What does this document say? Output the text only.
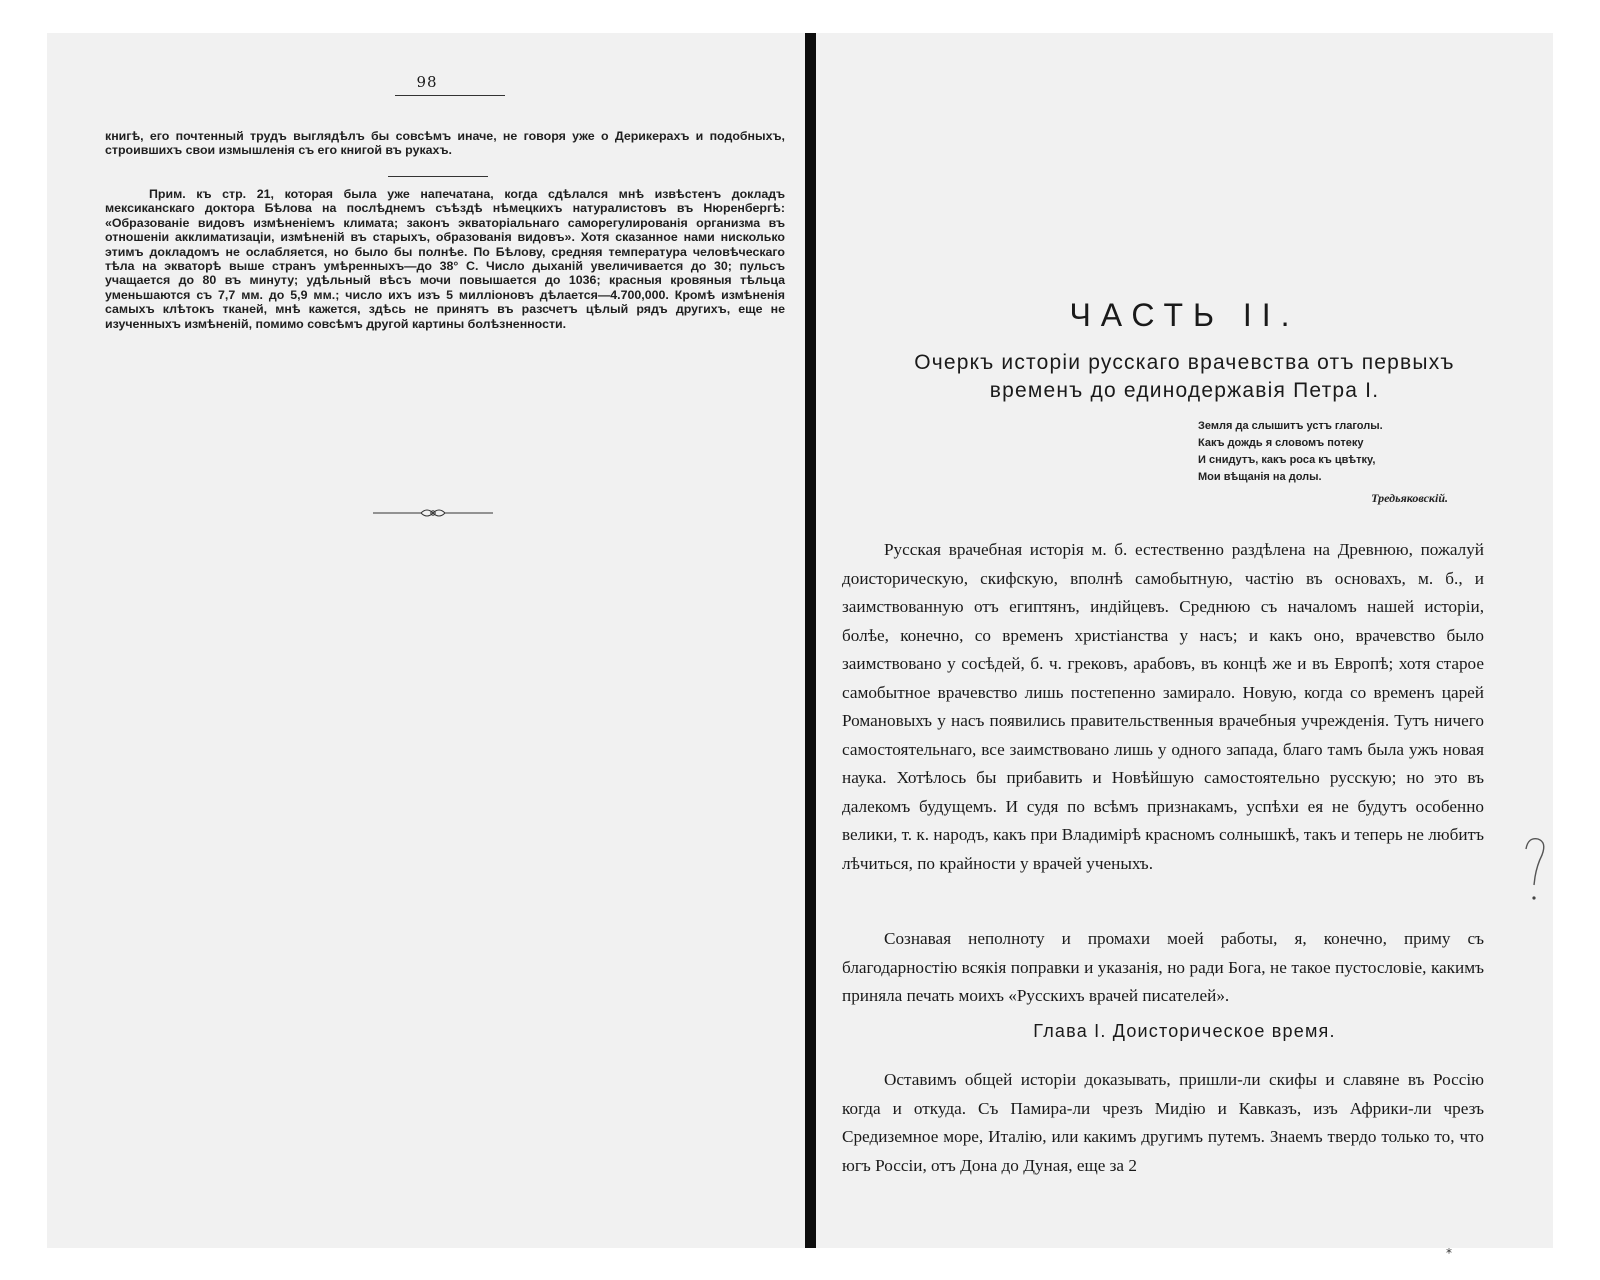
98
книгѣ, его почтенный трудъ выглядѣлъ бы совсѣмъ иначе, не говоря уже о Дерикерахъ и подобныхъ, строившихъ свои измышленія съ его книгой въ рукахъ.
Прим. къ стр. 21, которая была уже напечатана, когда сдѣлался мнѣ извѣстенъ докладъ мексиканскаго доктора Бѣлова на послѣднемъ съѣздѣ нѣмецкихъ натуралистовъ въ Нюренбергѣ: «Образованіе видовъ измѣненіемъ климата; законъ экваторіальнаго саморегулированія организма въ отношеніи акклиматизаціи, измѣненій въ старыхъ, образованія видовъ». Хотя сказанное нами нисколько этимъ докладомъ не ослабляется, но было бы полнѣе. По Бѣлову, средняя температура человѣческаго тѣла на экваторѣ выше странъ умѣренныхъ—до 38° С. Число дыханій увеличивается до 30; пульсъ учащается до 80 въ минуту; удѣльный вѣсъ мочи повышается до 1036; красныя кровяныя тѣльца уменьшаются съ 7,7 мм. до 5,9 мм.; число ихъ изъ 5 милліоновъ дѣлается—4.700,000. Кромѣ измѣненія самыхъ клѣтокъ тканей, мнѣ кажется, здѣсь не принятъ въ разсчетъ цѣлый рядъ другихъ, еще не изученныхъ измѣненій, помимо совсѣмъ другой картины болѣзненности.	ЧАСТЬ II.
Очеркъ исторіи русскаго врачевства отъ первыхъ
временъ до единодержавія Петра I.
Земля да слышитъ устъ глаголы.
Какъ дождь я словомъ потеку
И снидутъ, какъ роса къ цвѣтку,
Мои вѣщанія на долы.
Тредьяковскій.
Русская врачебная исторія м. б. естественно раздѣлена на Древнюю, пожалуй доисторическую, скифскую, вполнѣ самобытную, частію въ основахъ, м. б., и заимствованную отъ египтянъ, индійцевъ. Среднюю съ началомъ нашей исторіи, болѣе, конечно, со временъ христіанства у насъ; и какъ оно, врачевство было заимствовано у сосѣдей, б. ч. грековъ, арабовъ, въ концѣ же и въ Европѣ; хотя старое самобытное врачевство лишь постепенно замирало. Новую, когда со временъ царей Романовыхъ у насъ появились правительственныя врачебныя учрежденія. Тутъ ничего самостоятельнаго, все заимствовано лишь у одного запада, благо тамъ была ужъ новая наука. Хотѣлось бы прибавить и Новѣйшую самостоятельно русскую; но это въ далекомъ будущемъ. И судя по всѣмъ признакамъ, успѣхи ея не будутъ особенно велики, т. к. народъ, какъ при Владимірѣ красномъ солнышкѣ, такъ и теперь не любитъ лѣчиться, по крайности у врачей ученыхъ.
Сознавая неполноту и промахи моей работы, я, конечно, приму съ благодарностію всякія поправки и указанія, но ради Бога, не такое пустословіе, какимъ приняла печать моихъ «Русскихъ врачей писателей».
Глава I. Доисторическое время.
Оставимъ общей исторіи доказывать, пришли-ли скифы и славяне въ Россію когда и откуда. Съ Памира-ли чрезъ Мидію и Кавказъ, изъ Африки-ли чрезъ Средиземное море, Италію, или какимъ другимъ путемъ. Знаемъ твердо только то, что югъ Россіи, отъ Дона до Дуная, еще за 2
*
